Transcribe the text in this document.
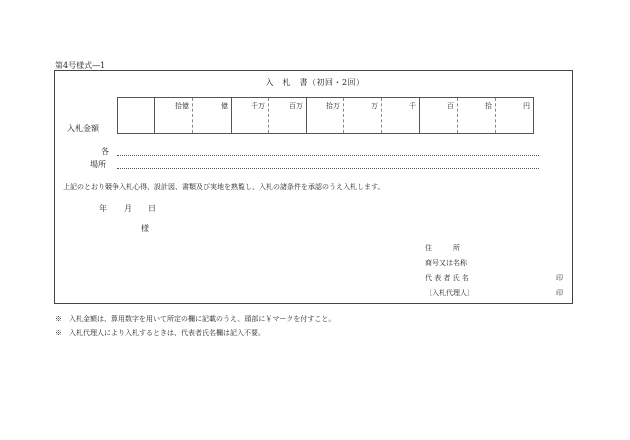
第4号様式―1
入　札　書（初回・2回）
拾億	億	千万	百万	拾万	万	千	百	拾	円
入札金額
各
場所
上記のとおり競争入札心得、設計図、書類及び実地を熟覧し、入札の諸条件を承認のうえ入札します。
年 月 日
様
住　　　所
商号又は名称
代 表 者 氏 名
〔入札代理人〕
印
印
※　入札金額は、算用数字を用いて所定の欄に記載のうえ、頭部に￥マークを付すこと。
※　入札代理人により入札するときは、代表者氏名欄は記入不要。
